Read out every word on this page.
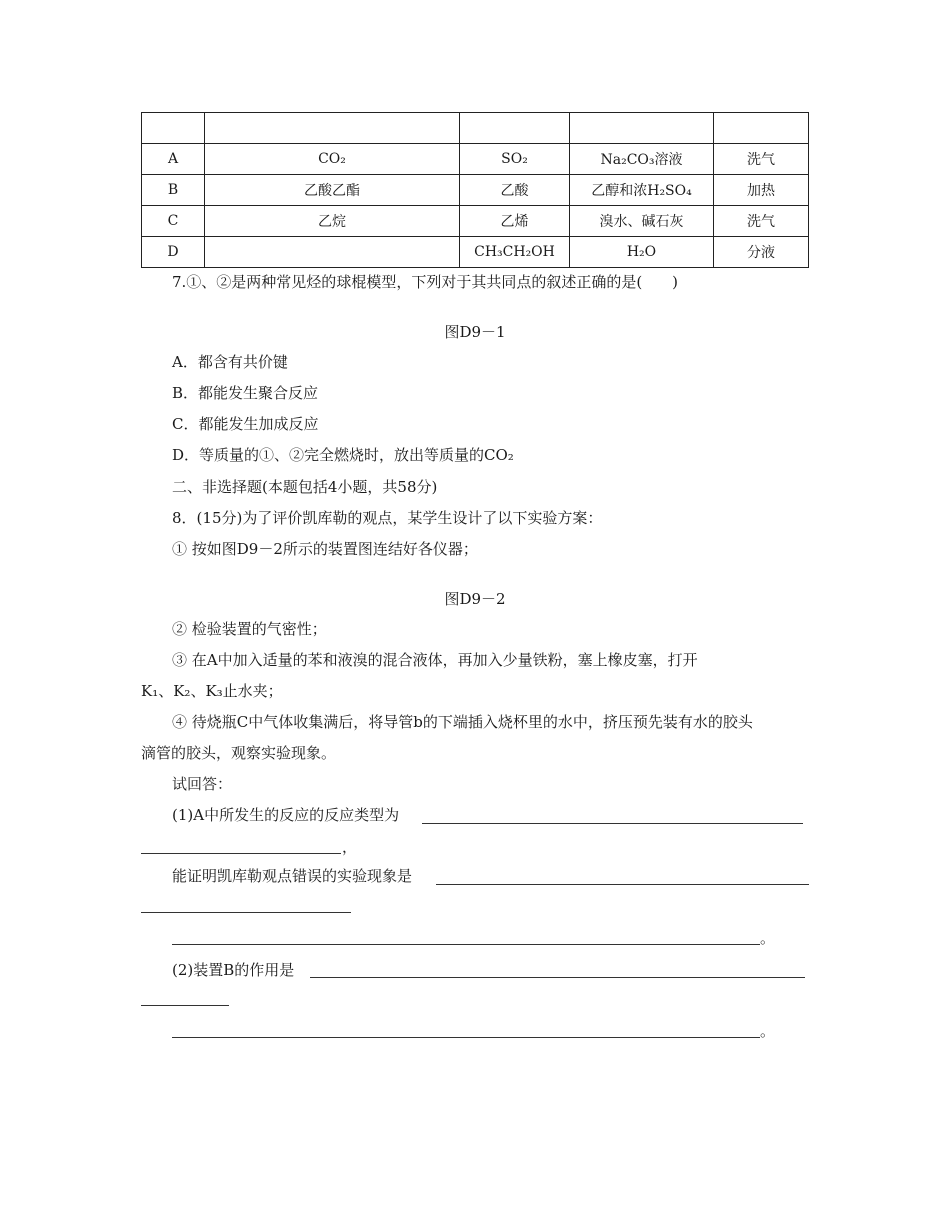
A	CO₂	SO₂	Na₂CO₃溶液	洗气
B	乙酸乙酯	乙酸	乙醇和浓H₂SO₄	加热
C	乙烷	乙烯	溴水、碱石灰	洗气
D		CH₃CH₂OH	H₂O	分液
7.①、②是两种常见烃的球棍模型，下列对于其共同点的叙述正确的是(　　)
图D9－1
A．都含有共价键
B．都能发生聚合反应
C．都能发生加成反应
D．等质量的①、②完全燃烧时，放出等质量的CO₂
二、非选择题(本题包括4小题，共58分)
8．(15分)为了评价凯库勒的观点，某学生设计了以下实验方案：
① 按如图D9－2所示的装置图连结好各仪器；
图D9－2
② 检验装置的气密性；
③ 在A中加入适量的苯和液溴的混合液体，再加入少量铁粉，塞上橡皮塞，打开
K₁、K₂、K₃止水夹；
④ 待烧瓶C中气体收集满后，将导管b的下端插入烧杯里的水中，挤压预先装有水的胶头
滴管的胶头，观察实验现象。
试回答：
(1)A中所发生的反应的反应类型为
，
能证明凯库勒观点错误的实验现象是
。
(2)装置B的作用是
。
